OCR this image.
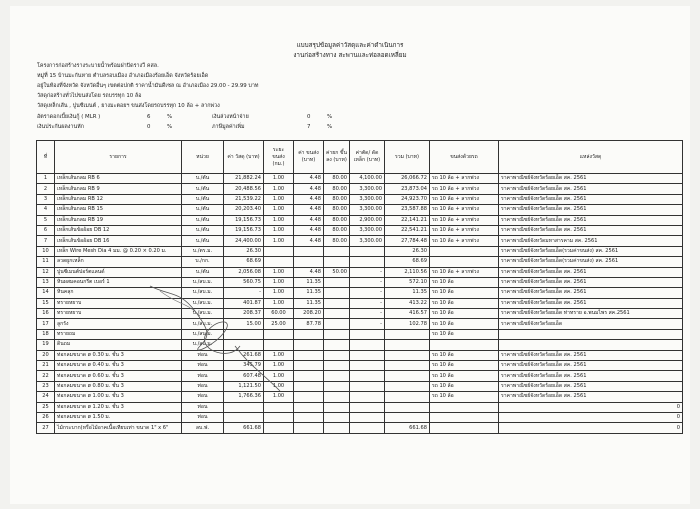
แบบสรุปข้อมูลค่าวัสดุและค่าดำเนินการ
งานก่อสร้างทาง สะพานและท่อลอดเหลี่ยม
โครงการก่อสร้างรางระบายน้ำพร้อมฝาปิดรางวี คสล.
หมู่ที่ 15 บ้านมะกันหาย ตำบลรอบเมือง อำเภอเมืองร้อยเอ็ด จังหวัดร้อยเอ็ด
อยู่ในท้องที่จังหวัด จังหวัดอื่นๆ เขตต่อปกติ ราคาน้ำมันดีเซล ณ อำเภอเมือง 29.00 - 29.99 บาท
วัสดุก่อสร้างทั่วไปขนส่งโดย รถบรรทุก 10 ล้อ
วัสดุเหล็กเส้น , ปูนซีเมนต์ , ยางมะตอยฯ ขนส่งโดยรถบรรทุก 10 ล้อ + ลากพ่วง
อัตราดอกเบี้ยเงินกู้ ( MLR )	6	%	เงินล่วงหน้าจ่าย	0	%
เงินประกันผลงานหัก	0	%	ภาษีมูลค่าเพิ่ม	7	%
ที่	รายการ	หน่วย	ค่า วัสดุ (บาท)	ระยะ ขนส่ง (กม.)	ค่า ขนส่ง (บาท)	ค่ายก ขึ้นลง (บาท)	ค่าตัด/ ดัดเหล็ก (บาท)	รวม (บาท)	ขนส่งด้วยรถ	แหล่งวัสดุ
1	เหล็กเส้นกลม RB 6	บ./ตัน	21,882.24	1.00	4.48	80.00	4,100.00	26,066.72	รถ 10 ล้อ + ลากพ่วง	ราคาพาณิชย์จังหวัดร้อยเอ็ด สค. 2561
2	เหล็กเส้นกลม RB 9	บ./ตัน	20,488.56	1.00	4.48	80.00	3,300.00	23,873.04	รถ 10 ล้อ + ลากพ่วง	ราคาพาณิชย์จังหวัดร้อยเอ็ด สค. 2561
3	เหล็กเส้นกลม RB 12	บ./ตัน	21,539.22	1.00	4.48	80.00	3,300.00	24,923.70	รถ 10 ล้อ + ลากพ่วง	ราคาพาณิชย์จังหวัดร้อยเอ็ด สค. 2561
4	เหล็กเส้นกลม RB 15	บ./ตัน	20,203.40	1.00	4.48	80.00	3,300.00	23,587.88	รถ 10 ล้อ + ลากพ่วง	ราคาพาณิชย์จังหวัดร้อยเอ็ด สค. 2561
5	เหล็กเส้นกลม RB 19	บ./ตัน	19,156.73	1.00	4.48	80.00	2,900.00	22,141.21	รถ 10 ล้อ + ลากพ่วง	ราคาพาณิชย์จังหวัดร้อยเอ็ด สค. 2561
6	เหล็กเส้นข้ออ้อย DB 12	บ./ตัน	19,156.73	1.00	4.48	80.00	3,300.00	22,541.21	รถ 10 ล้อ + ลากพ่วง	ราคาพาณิชย์จังหวัดร้อยเอ็ด สค. 2561
7	เหล็กเส้นข้ออ้อย DB 16	บ./ตัน	24,400.00	1.00	4.48	80.00	3,300.00	27,784.48	รถ 10 ล้อ + ลากพ่วง	ราคาพาณิชย์จังหวัดมหาสารคาม สค. 2561
10	เหล็ก Wire Mesh Dia 4 มม. @ 0.20 × 0.20 ม.	บ./ตร.ม.	26.30					26.30		ราคาพาณิชย์จังหวัดร้อยเอ็ด(รวมค่าขนส่ง) สค. 2561
11	ลวดผูกเหล็ก	บ./กก.	68.69					68.69		ราคาพาณิชย์จังหวัดร้อยเอ็ด(รวมค่าขนส่ง) สค. 2561
12	ปูนซีเมนต์ปอร์ตแลนด์	บ./ตัน	2,056.08	1.00	4.48	50.00	-	2,110.56	รถ 10 ล้อ + ลากพ่วง	ราคาพาณิชย์จังหวัดร้อยเอ็ด สค. 2561
13	หินผสมคอนกรีต เบอร์ 1	บ./ลบ.ม.	560.75	1.00	11.35		-	572.10	รถ 10 ล้อ	ราคาพาณิชย์จังหวัดร้อยเอ็ด สค. 2561
14	หินคลุก	บ./ลบ.ม.	-	1.00	11.35		-	11.35	รถ 10 ล้อ	ราคาพาณิชย์จังหวัดร้อยเอ็ด สค. 2561
15	ทรายหยาบ	บ./ลบ.ม.	401.87	1.00	11.35		-	413.22	รถ 10 ล้อ	ราคาพาณิชย์จังหวัดร้อยเอ็ด สค. 2561
16	ทรายหยาบ	บ./ลบ.ม.	208.37	60.00	208.20		-	416.57	รถ 10 ล้อ	ราคาพาณิชย์จังหวัดร้อยเอ็ด ท่าทราย อ.พนมไพร สค.2561
17	ลูกรัง	บ./ลบ.ม.	15.00	25.00	87.78		-	102.78	รถ 10 ล้อ	ราคาพาณิชย์จังหวัดร้อยเอ็ด
18	ทรายถม	บ./ลบ.ม.							รถ 10 ล้อ	
19	ดินถม	บ./ลบ.ม.								
20	ท่อกลมขนาด ø 0.30 ม. ชั้น 3	ท่อน	261.68	1.00					รถ 10 ล้อ	ราคาพาณิชย์จังหวัดร้อยเอ็ด สค. 2561
21	ท่อกลมขนาด ø 0.40 ม. ชั้น 3	ท่อน	345.79	1.00					รถ 10 ล้อ	ราคาพาณิชย์จังหวัดร้อยเอ็ด สค. 2561
22	ท่อกลมขนาด ø 0.60 ม. ชั้น 3	ท่อน	607.48	1.00					รถ 10 ล้อ	ราคาพาณิชย์จังหวัดร้อยเอ็ด สค. 2561
23	ท่อกลมขนาด ø 0.80 ม. ชั้น 3	ท่อน	1,121.50	1.00					รถ 10 ล้อ	ราคาพาณิชย์จังหวัดร้อยเอ็ด สค. 2561
24	ท่อกลมขนาด ø 1.00 ม. ชั้น 3	ท่อน	1,766.36	1.00					รถ 10 ล้อ	ราคาพาณิชย์จังหวัดร้อยเอ็ด สค. 2561
25	ท่อกลมขนาด ø 1.20 ม. ชั้น 3	ท่อน								0
26	ท่อกลมขนาด ø 1.50 ม.	ท่อน								0
27	ไม้กระบาก(หรือไม้อาคเนื้อเทียบเท่า ขนาด 1" x 6"	ลบ.ฟ.	661.68					661.68		0
